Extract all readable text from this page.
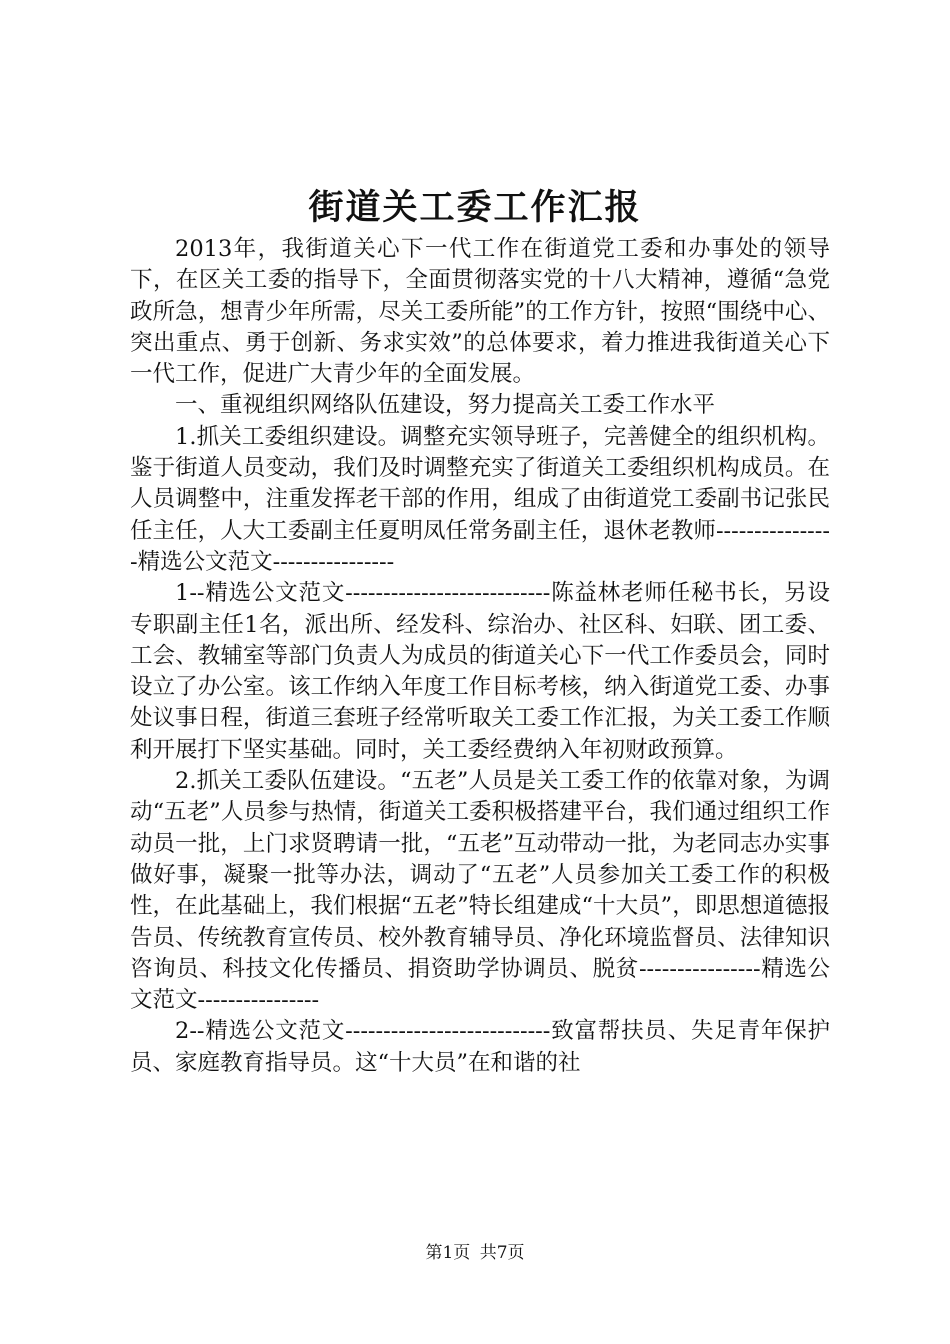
街道关工委工作汇报

2013年，我街道关心下一代工作在街道党工委和办事处的领导下，在区关工委的指导下，全面贯彻落实党的十八大精神，遵循“急党政所急，想青少年所需，尽关工委所能”的工作方针，按照“围绕中心、突出重点、勇于创新、务求实效”的总体要求，着力推进我街道关心下一代工作，促进广大青少年的全面发展。

一、重视组织网络队伍建设，努力提高关工委工作水平

1.抓关工委组织建设。调整充实领导班子，完善健全的组织机构。鉴于街道人员变动，我们及时调整充实了街道关工委组织机构成员。在人员调整中，注重发挥老干部的作用，组成了由街道党工委副书记张民任主任，人大工委副主任夏明凤任常务副主任，退休老教师----------------精选公文范文----------------

1--精选公文范文---------------------------陈益林老师任秘书长，另设专职副主任1名，派出所、经发科、综治办、社区科、妇联、团工委、工会、教辅室等部门负责人为成员的街道关心下一代工作委员会，同时设立了办公室。该工作纳入年度工作目标考核，纳入街道党工委、办事处议事日程，街道三套班子经常听取关工委工作汇报，为关工委工作顺利开展打下坚实基础。同时，关工委经费纳入年初财政预算。

2.抓关工委队伍建设。“五老”人员是关工委工作的依靠对象，为调动“五老”人员参与热情，街道关工委积极搭建平台，我们通过组织工作动员一批，上门求贤聘请一批，“五老”互动带动一批，为老同志办实事做好事，凝聚一批等办法，调动了“五老”人员参加关工委工作的积极性，在此基础上，我们根据“五老”特长组建成“十大员”，即思想道德报告员、传统教育宣传员、校外教育辅导员、净化环境监督员、法律知识咨询员、科技文化传播员、捐资助学协调员、脱贫----------------精选公文范文----------------

2--精选公文范文---------------------------致富帮扶员、失足青年保护员、家庭教育指导员。这“十大员”在和谐的社

第1页 共7页
